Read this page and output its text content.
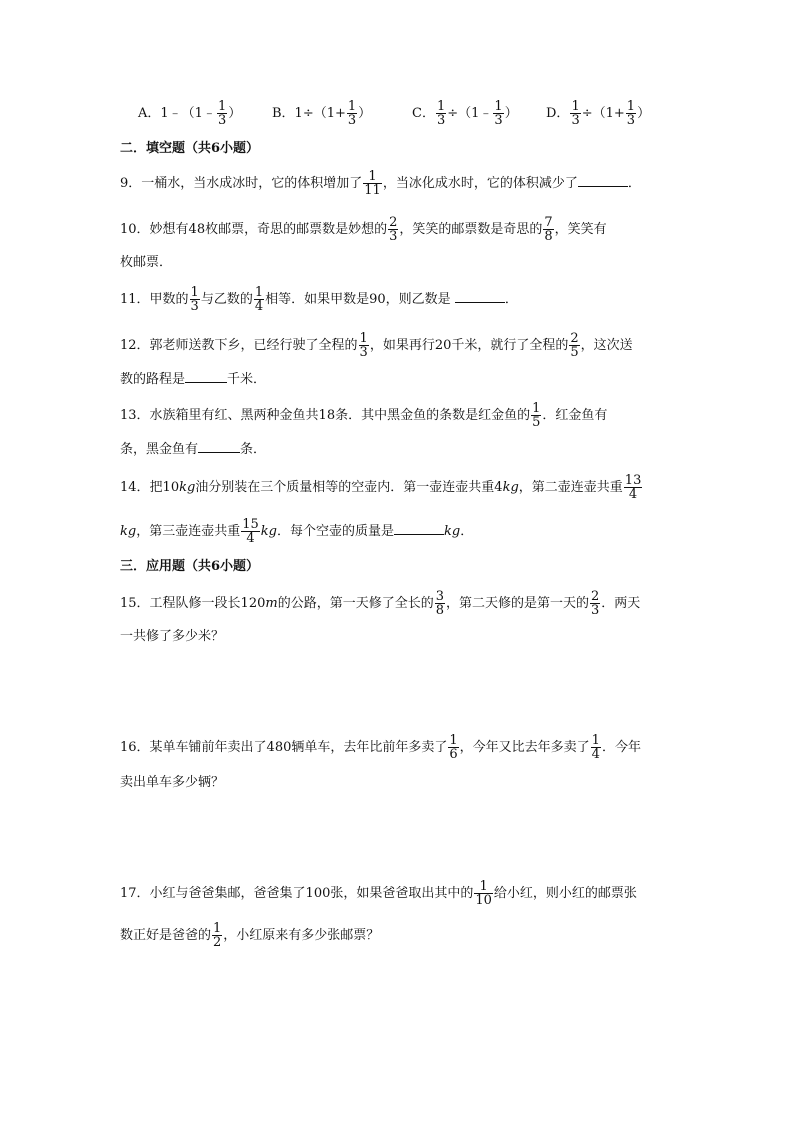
A．1﹣（1﹣ $\frac{1}{3}$ ） B．$1\div(1+ \frac{1}{3}$ ）	C． $\frac{1}{3}$ ÷（1﹣ $\frac{1}{3}$ ） D． $\frac{1}{3} \div(1+ \frac{1}{3}$ ）
二．填空题（共6小题）
9．一桶水，当水成冰时，它的体积增加了 $\frac{1}{11}$ ，当冰化成水时，它的体积减少了	．
10．妙想有48枚邮票，奇思的邮票数是妙想的 $\frac{2}{3}$ ，笑笑的邮票数是奇思的 $\frac{7}{8}$ ，笑笑有
枚邮票．
11．甲数的 $\frac{1}{3}$ 与乙数的 $\frac{1}{4}$ 相等．如果甲数是90，则乙数是	．
12．郭老师送教下乡，已经行驶了全程的 $\frac{1}{3}$ ，如果再行20千米，就行了全程的 $\frac{2}{5}$ ，这次送
教的路程是	千米．
13．水族箱里有红、黑两种金鱼共18条．其中黑金鱼的条数是红金鱼的 $\frac{1}{5}$ ．红金鱼有
条，黑金鱼有	条．
14．把10kg油分别装在三个质量相等的空壶内．第一壶连壶共重4kg，第二壶连壶共重 $\frac{13}{4}$
kg，第三壶连壶共重 $\frac{15}{4}$ kg．每个空壶的质量是	kg．
三．应用题（共6小题）
15．工程队修一段长120m的公路，第一天修了全长的 $\frac{3}{8}$ ，第二天修的是第一天的 $\frac{2}{3}$ ．两天
一共修了多少米？
16．某单车铺前年卖出了480辆单车，去年比前年多卖了 $\frac{1}{6}$ ，今年又比去年多卖了 $\frac{1}{4}$ ．今年
卖出单车多少辆？
17．小红与爸爸集邮，爸爸集了100张，如果爸爸取出其中的 $\frac{1}{10}$ 给小红，则小红的邮票张
数正好是爸爸的 $\frac{1}{2}$ ，小红原来有多少张邮票？
